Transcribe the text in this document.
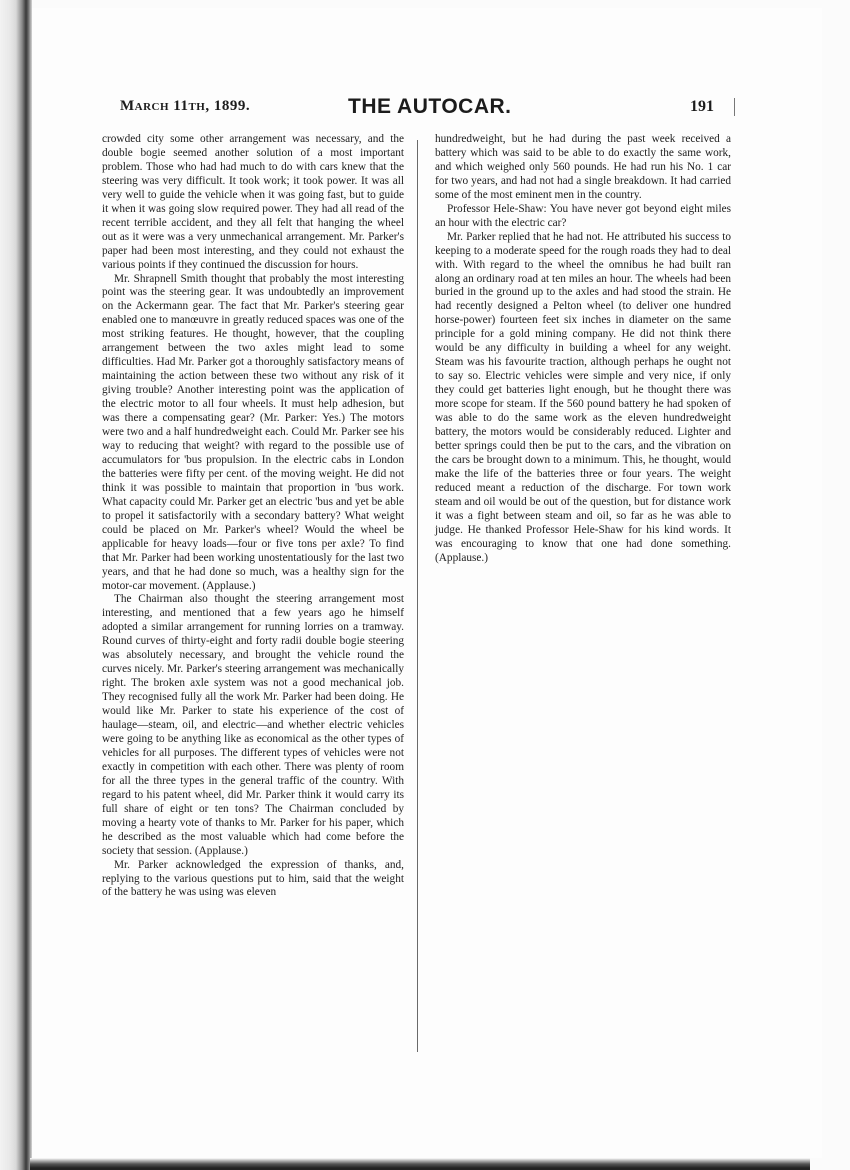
March 11th, 1899.	THE AUTOCAR.	191

crowded city some other arrangement was necessary, and the double bogie seemed another solution of a most important problem. Those who had had much to do with cars knew that the steering was very difficult. It took work; it took power. It was all very well to guide the vehicle when it was going fast, but to guide it when it was going slow required power. They had all read of the recent terrible accident, and they all felt that hanging the wheel out as it were was a very unmechanical arrangement. Mr. Parker's paper had been most interesting, and they could not exhaust the various points if they continued the discussion for hours.

Mr. Shrapnell Smith thought that probably the most interesting point was the steering gear. It was undoubtedly an improvement on the Ackermann gear. The fact that Mr. Parker's steering gear enabled one to manœuvre in greatly reduced spaces was one of the most striking features. He thought, however, that the coupling arrangement between the two axles might lead to some difficulties. Had Mr. Parker got a thoroughly satisfactory means of maintaining the action between these two without any risk of it giving trouble? Another interesting point was the application of the electric motor to all four wheels. It must help adhesion, but was there a compensating gear? (Mr. Parker: Yes.) The motors were two and a half hundredweight each. Could Mr. Parker see his way to reducing that weight? with regard to the possible use of accumulators for 'bus propulsion. In the electric cabs in London the batteries were fifty per cent. of the moving weight. He did not think it was possible to maintain that proportion in 'bus work. What capacity could Mr. Parker get an electric 'bus and yet be able to propel it satisfactorily with a secondary battery? What weight could be placed on Mr. Parker's wheel? Would the wheel be applicable for heavy loads—four or five tons per axle? To find that Mr. Parker had been working unostentatiously for the last two years, and that he had done so much, was a healthy sign for the motor-car movement. (Applause.)

The Chairman also thought the steering arrangement most interesting, and mentioned that a few years ago he himself adopted a similar arrangement for running lorries on a tramway. Round curves of thirty-eight and forty radii double bogie steering was absolutely necessary, and brought the vehicle round the curves nicely. Mr. Parker's steering arrangement was mechanically right. The broken axle system was not a good mechanical job. They recognised fully all the work Mr. Parker had been doing. He would like Mr. Parker to state his experience of the cost of haulage—steam, oil, and electric—and whether electric vehicles were going to be anything like as economical as the other types of vehicles for all purposes. The different types of vehicles were not exactly in competition with each other. There was plenty of room for all the three types in the general traffic of the country. With regard to his patent wheel, did Mr. Parker think it would carry its full share of eight or ten tons? The Chairman concluded by moving a hearty vote of thanks to Mr. Parker for his paper, which he described as the most valuable which had come before the society that session. (Applause.)

Mr. Parker acknowledged the expression of thanks, and, replying to the various questions put to him, said that the weight of the battery he was using was eleven

hundredweight, but he had during the past week received a battery which was said to be able to do exactly the same work, and which weighed only 560 pounds. He had run his No. 1 car for two years, and had not had a single breakdown. It had carried some of the most eminent men in the country.

Professor Hele-Shaw: You have never got beyond eight miles an hour with the electric car?

Mr. Parker replied that he had not. He attributed his success to keeping to a moderate speed for the rough roads they had to deal with. With regard to the wheel the omnibus he had built ran along an ordinary road at ten miles an hour. The wheels had been buried in the ground up to the axles and had stood the strain. He had recently designed a Pelton wheel (to deliver one hundred horse-power) fourteen feet six inches in diameter on the same principle for a gold mining company. He did not think there would be any difficulty in building a wheel for any weight. Steam was his favourite traction, although perhaps he ought not to say so. Electric vehicles were simple and very nice, if only they could get batteries light enough, but he thought there was more scope for steam. If the 560 pound battery he had spoken of was able to do the same work as the eleven hundredweight battery, the motors would be considerably reduced. Lighter and better springs could then be put to the cars, and the vibration on the cars be brought down to a minimum. This, he thought, would make the life of the batteries three or four years. The weight reduced meant a reduction of the discharge. For town work steam and oil would be out of the question, but for distance work it was a fight between steam and oil, so far as he was able to judge. He thanked Professor Hele-Shaw for his kind words. It was encouraging to know that one had done something. (Applause.)
